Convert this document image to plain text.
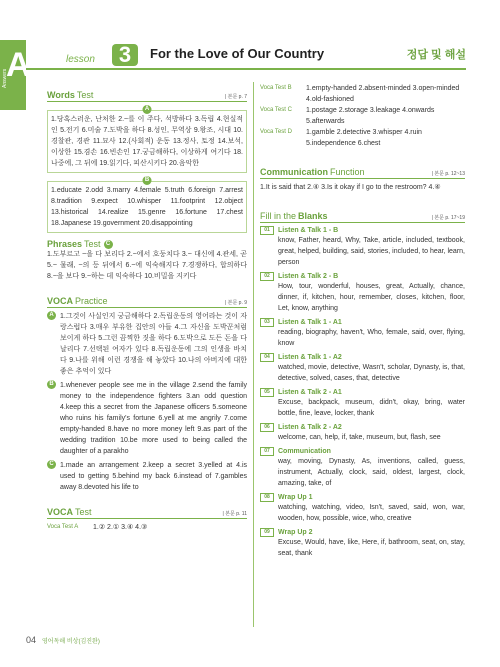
A
Answers
lesson	3	For the Love of Our Country	정답 및 해설
Words Test	| 본문 p. 7
A
1.당혹스러운, 난처한 2.~를 이 주다, 석방하다 3.독립 4.현실적인 5.전기 6.미술 7.도박을 하다 8.성인, 무역상 9.왕조, 시대 10.경찰관, 경관 11.묘사 12.(사회적) 운동 13.정사, 토정 14.보석, 이상한 15.겸손 16.빈손인 17.궁금해하다, 이상하게 여기다 18.나중에, 그 뒤에 19.읽기다, 피산시키다 20.음악한
B
1.educate 2.odd 3.marry 4.female 5.truth 6.foreign 7.arrest 8.tradition 9.expect 10.whisper 11.footprint 12.object 13.historical 14.realize 15.genre 16.fortune 17.chest 18.Japanese 19.government 20.disappointing
Phrases Test C
1.도부르고 ~을 다 보리다 2.~에서 호둥치다 3.~ 대신에 4.관세, 곧 5.~ 물래, ~의 등 뒤에서 6.~에 익숙해지다 7.경쟁하다, 합의하다 8.~을 보다 9.~하는 데 익숙하다 10.비밀을 지키다
VOCA Practice	| 본문 p. 9
A 1.그것이 사실인지 궁금해하다 2.독립운동의 영어라는 것이 자랑스럽다 3.매우 부유한 집안의 아들 4.그 자신을 도박꾼처럼 보이게 하다 5.그런 끔찍한 짓을 하다 6.도박으로 도든 돈을 다 날리다 7.선택된 여자가 있다 8.독립운동에 그의 인생을 바치다 9.나를 위해 이런 경쟁을 해 놓았다 10.나의 아버지에 대한 좋은 추억이 있다
B 1.whenever people see me in the village 2.send the family money to the independence fighters 3.an odd question 4.keep this a secret from the Japanese officers 5.someone who ruins his family's fortune 6.yell at me angrily 7.come empty-handed 8.have no more money left 9.as part of the wedding tradition 10.be more used to being called the daughter of a parakho
C 1.made an arrangement 2.keep a secret 3.yelled at 4.is used to getting 5.behind my back 6.instead of 7.gambles away 8.devoted his life to
VOCA Test	| 본문 p. 11
Voca Test A	1.② 2.① 3.④ 4.③
Voca Test B	1.empty-handed 2.absent-minded 3.open-minded 4.old-fashioned
Voca Test C	1.postage 2.storage 3.leakage 4.onwards 5.afterwards
Voca Test D	1.gamble 2.detective 3.whisper 4.ruin 5.independence 6.chest
Communication Function	| 본문 p. 12~13
1.It is said that 2.④ 3.Is it okay if I go to the restroom? 4.④
Fill in the Blanks	| 본문 p. 17~19
01	Listen & Talk 1 - B
know, Father, heard, Why, Take, article, included, textbook, great, helped, building, said, stories, included, to hear, learn, person
02	Listen & Talk 2 - B
How, tour, wonderful, houses, great, Actually, chance, dinner, if, kitchen, hour, remember, closes, kitchen, floor, Let, know, anything
03	Listen & Talk 1 - A1
reading, biography, haven't, Who, female, said, over, flying, know
04	Listen & Talk 1 - A2
watched, movie, detective, Wasn't, scholar, Dynasty, is, that, detective, solved, cases, that, detective
05	Listen & Talk 2 - A1
Excuse, backpack, museum, didn't, okay, bring, water bottle, fine, leave, locker, thank
06	Listen & Talk 2 - A2
welcome, can, help, if, take, museum, but, flash, see
07	Communication
way, moving, Dynasty, As, inventions, called, guess, instrument, Actually, clock, said, oldest, largest, clock, amazing, take, of
08	Wrap Up 1
watching, watching, video, Isn't, saved, said, won, war, wooden, how, possible, wice, who, creative
09	Wrap Up 2
Excuse, Would, have, like, Here, if, bathroom, seat, on, stay, seat, thank
04 영어독해 비상(김진완)
